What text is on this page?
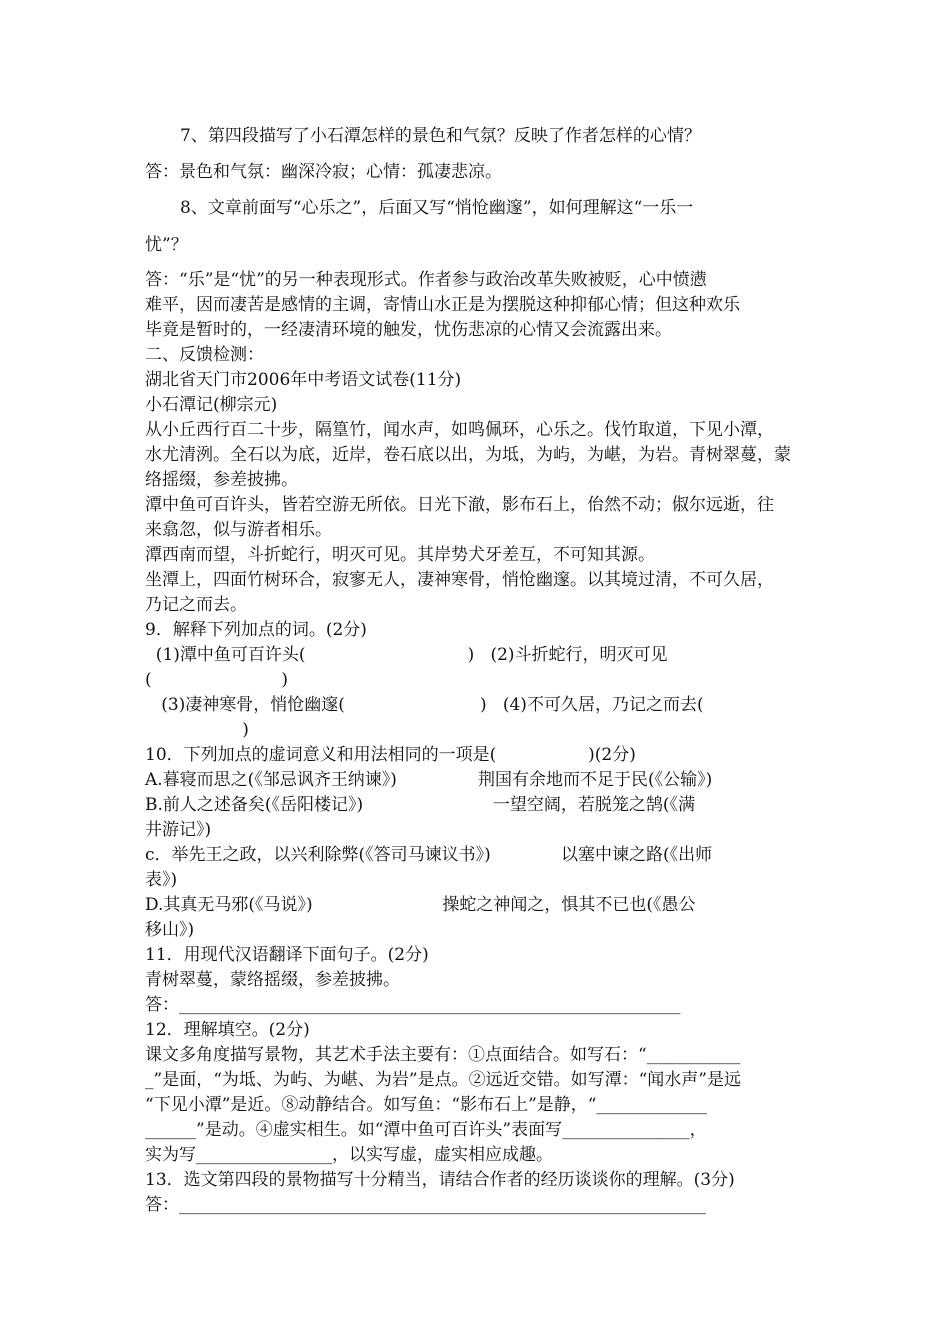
7、第四段描写了小石潭怎样的景色和气氛？反映了作者怎样的心情？
答：景色和气氛：幽深冷寂；心情：孤凄悲凉。
8、文章前面写“心乐之”，后面又写“悄怆幽邃”，如何理解这“一乐一
忧”？
答：“乐”是“忧”的另一种表现形式。作者参与政治改革失败被贬，心中愤懑
难平，因而凄苦是感情的主调，寄情山水正是为摆脱这种抑郁心情；但这种欢乐
毕竟是暂时的，一经凄清环境的触发，忧伤悲凉的心情又会流露出来。
二、反馈检测：
湖北省天门市2006年中考语文试卷(11分)
小石潭记(柳宗元)
从小丘西行百二十步，隔篁竹，闻水声，如鸣佩环，心乐之。伐竹取道，下见小潭，
水尤清洌。全石以为底，近岸，卷石底以出，为坻，为屿，为嵁，为岩。青树翠蔓，蒙
络摇缀，参差披拂。
潭中鱼可百许头，皆若空游无所依。日光下澈，影布石上，佁然不动；俶尔远逝，往
来翕忽，似与游者相乐。
潭西南而望，斗折蛇行，明灭可见。其岸势犬牙差互，不可知其源。
坐潭上，四面竹树环合，寂寥无人，凄神寒骨，悄怆幽邃。以其境过清，不可久居，
乃记之而去。
9．解释下列加点的词。(2分)
(1)潭中鱼可百许头(                              )   (2)斗折蛇行，明灭可见
(                        )
(3)凄神寒骨，悄怆幽邃(                         )   (4)不可久居，乃记之而去(
)
10．下列加点的虚词意义和用法相同的一项是(                 )(2分)
A.暮寝而思之(《邹忌讽齐王纳谏》)               荆国有余地而不足于民(《公输》)
B.前人之述备矣(《岳阳楼记》)                        一望空阔，若脱笼之鹄(《满
井游记》)
c．举先王之政，以兴利除弊(《答司马谏议书》)             以塞中谏之路(《出师
表》)
D.其真无马邪(《马说》)                        操蛇之神闻之，惧其不已也(《愚公
移山》)
11．用现代汉语翻译下面句子。(2分)
青树翠蔓，蒙络摇缀，参差披拂。
答：___________________________________________________________
12．理解填空。(2分)
课文多角度描写景物，其艺术手法主要有：①点面结合。如写石：“___________
_”是面，“为坻、为屿、为嵁、为岩”是点。②远近交错。如写潭：“闻水声”是远
“下见小潭”是近。⑧动静结合。如写鱼：“影布石上”是静，“_____________
______”是动。④虚实相生。如“潭中鱼可百许头”表面写_______________，
实为写________________，以实写虚，虚实相应成趣。
13．选文第四段的景物描写十分精当，请结合作者的经历谈谈你的理解。(3分)
答：______________________________________________________________
